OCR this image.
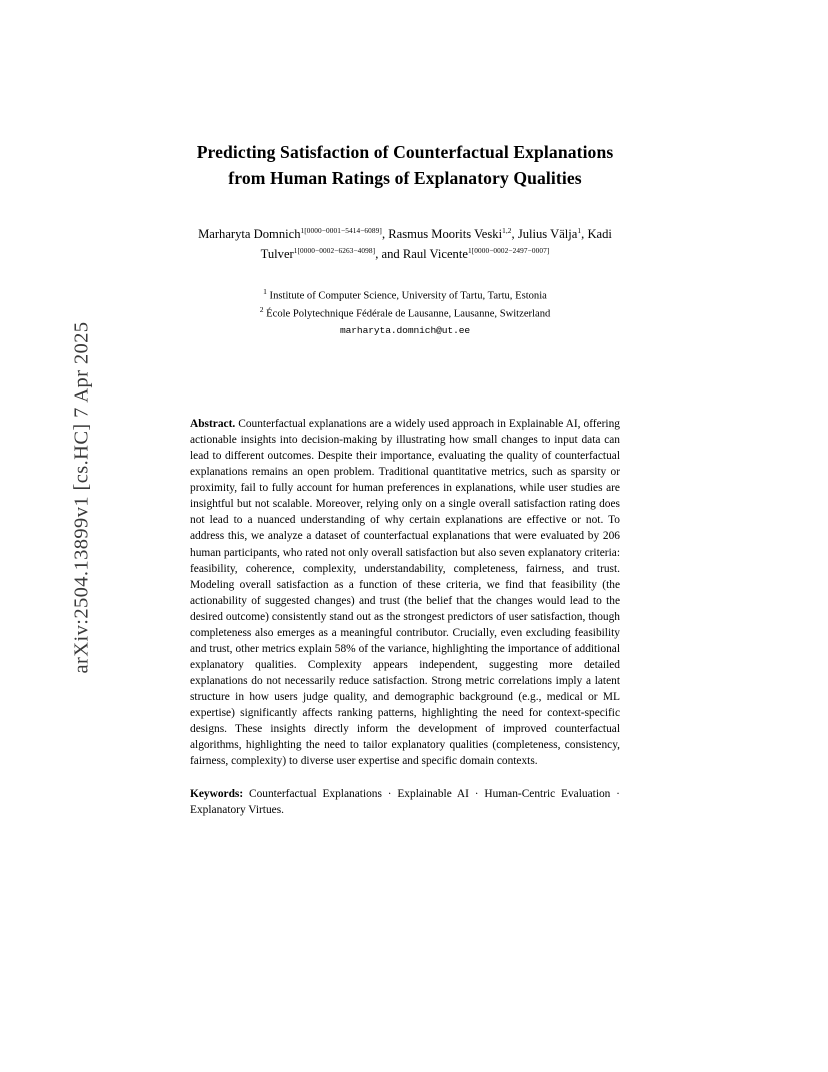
arXiv:2504.13899v1 [cs.HC] 7 Apr 2025
Predicting Satisfaction of Counterfactual Explanations from Human Ratings of Explanatory Qualities
Marharyta Domnich$^{1[0000-0001-5414-6089]}$, Rasmus Moorits Veski$^{1,2}$, Julius Välja$^1$, Kadi Tulver$^{1[0000-0002-6263-4098]}$, and Raul Vicente$^{1[0000-0002-2497-0007]}$
$^1$ Institute of Computer Science, University of Tartu, Tartu, Estonia
$^2$ École Polytechnique Fédérale de Lausanne, Lausanne, Switzerland
marharyta.domnich@ut.ee
Abstract. Counterfactual explanations are a widely used approach in Explainable AI, offering actionable insights into decision-making by illustrating how small changes to input data can lead to different outcomes. Despite their importance, evaluating the quality of counterfactual explanations remains an open problem. Traditional quantitative metrics, such as sparsity or proximity, fail to fully account for human preferences in explanations, while user studies are insightful but not scalable. Moreover, relying only on a single overall satisfaction rating does not lead to a nuanced understanding of why certain explanations are effective or not. To address this, we analyze a dataset of counterfactual explanations that were evaluated by 206 human participants, who rated not only overall satisfaction but also seven explanatory criteria: feasibility, coherence, complexity, understandability, completeness, fairness, and trust. Modeling overall satisfaction as a function of these criteria, we find that feasibility (the actionability of suggested changes) and trust (the belief that the changes would lead to the desired outcome) consistently stand out as the strongest predictors of user satisfaction, though completeness also emerges as a meaningful contributor. Crucially, even excluding feasibility and trust, other metrics explain 58% of the variance, highlighting the importance of additional explanatory qualities. Complexity appears independent, suggesting more detailed explanations do not necessarily reduce satisfaction. Strong metric correlations imply a latent structure in how users judge quality, and demographic background (e.g., medical or ML expertise) significantly affects ranking patterns, highlighting the need for context-specific designs. These insights directly inform the development of improved counterfactual algorithms, highlighting the need to tailor explanatory qualities (completeness, consistency, fairness, complexity) to diverse user expertise and specific domain contexts.
Keywords: Counterfactual Explanations · Explainable AI · Human-Centric Evaluation · Explanatory Virtues.
